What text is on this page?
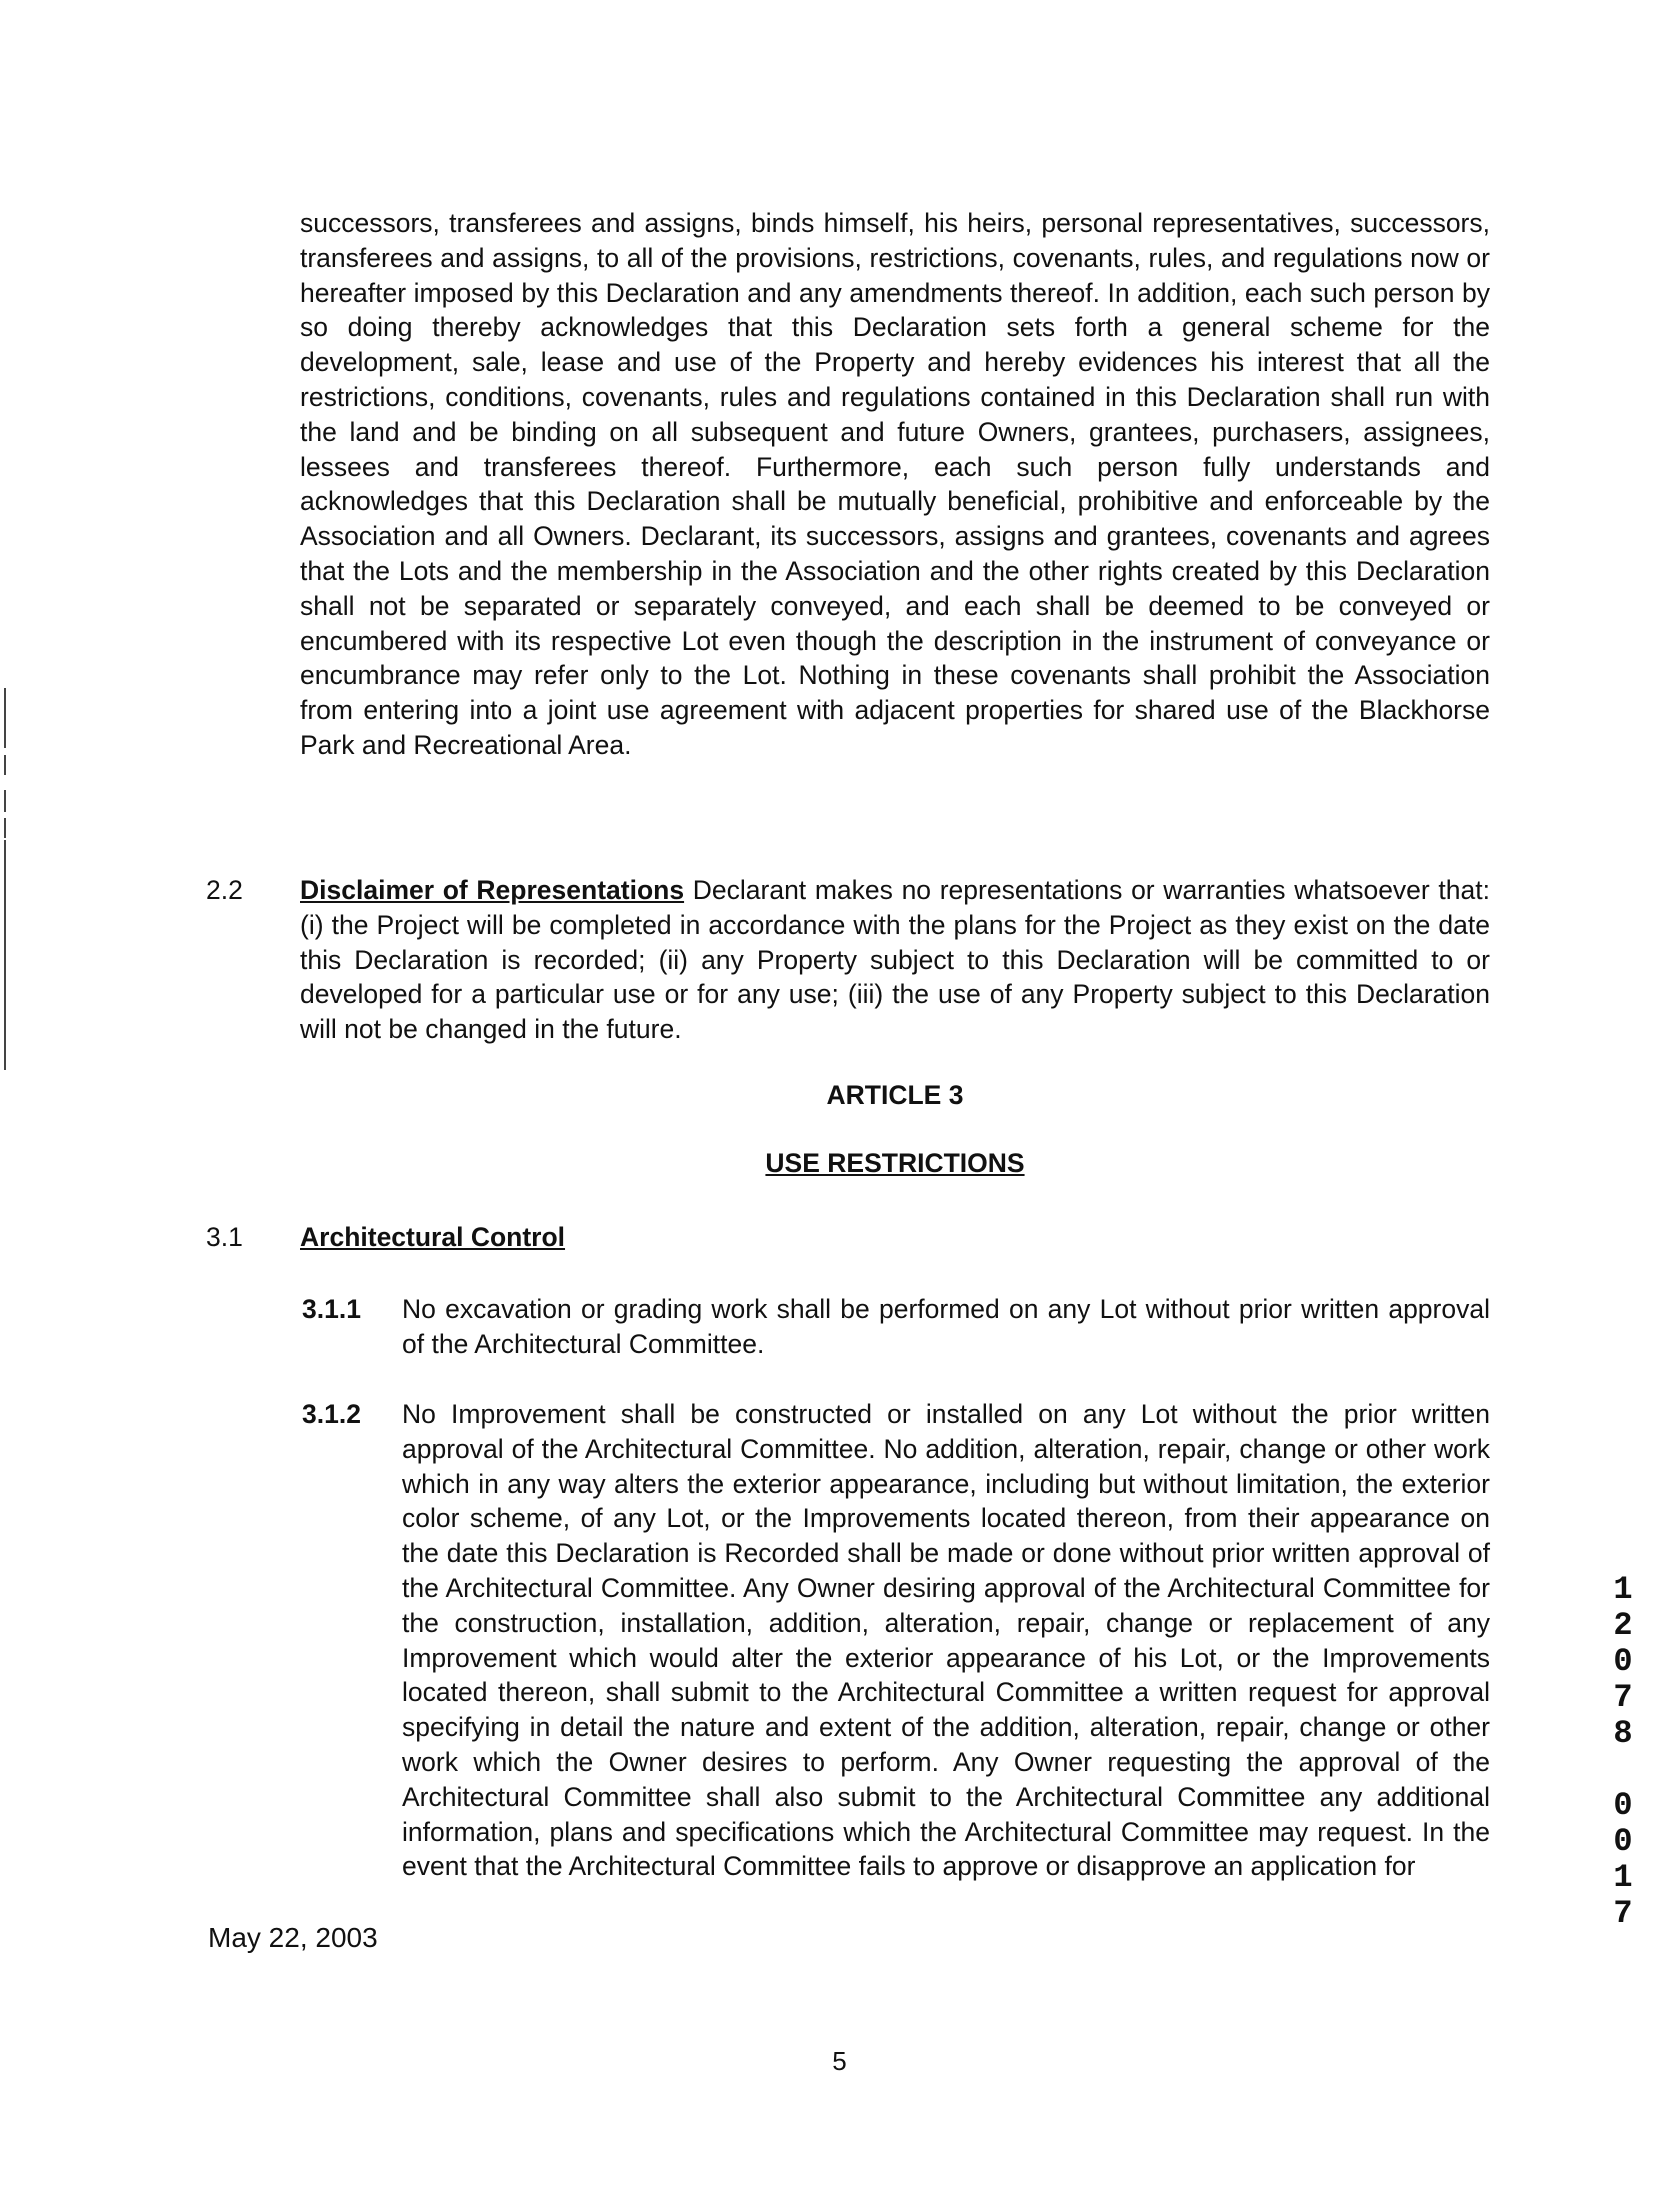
successors, transferees and assigns, binds himself, his heirs, personal representatives, successors, transferees and assigns, to all of the provisions, restrictions, covenants, rules, and regulations now or hereafter imposed by this Declaration and any amendments thereof. In addition, each such person by so doing thereby acknowledges that this Declaration sets forth a general scheme for the development, sale, lease and use of the Property and hereby evidences his interest that all the restrictions, conditions, covenants, rules and regulations contained in this Declaration shall run with the land and be binding on all subsequent and future Owners, grantees, purchasers, assignees, lessees and transferees thereof. Furthermore, each such person fully understands and acknowledges that this Declaration shall be mutually beneficial, prohibitive and enforceable by the Association and all Owners. Declarant, its successors, assigns and grantees, covenants and agrees that the Lots and the membership in the Association and the other rights created by this Declaration shall not be separated or separately conveyed, and each shall be deemed to be conveyed or encumbered with its respective Lot even though the description in the instrument of conveyance or encumbrance may refer only to the Lot. Nothing in these covenants shall prohibit the Association from entering into a joint use agreement with adjacent properties for shared use of the Blackhorse Park and Recreational Area.

2.2 Disclaimer of Representations Declarant makes no representations or warranties whatsoever that: (i) the Project will be completed in accordance with the plans for the Project as they exist on the date this Declaration is recorded; (ii) any Property subject to this Declaration will be committed to or developed for a particular use or for any use; (iii) the use of any Property subject to this Declaration will not be changed in the future.

ARTICLE 3
USE RESTRICTIONS
3.1 Architectural Control
3.1.1 No excavation or grading work shall be performed on any Lot without prior written approval of the Architectural Committee.

3.1.2 No Improvement shall be constructed or installed on any Lot without the prior written approval of the Architectural Committee. No addition, alteration, repair, change or other work which in any way alters the exterior appearance, including but without limitation, the exterior color scheme, of any Lot, or the Improvements located thereon, from their appearance on the date this Declaration is Recorded shall be made or done without prior written approval of the Architectural Committee. Any Owner desiring approval of the Architectural Committee for the construction, installation, addition, alteration, repair, change or replacement of any Improvement which would alter the exterior appearance of his Lot, or the Improvements located thereon, shall submit to the Architectural Committee a written request for approval specifying in detail the nature and extent of the addition, alteration, repair, change or other work which the Owner desires to perform. Any Owner requesting the approval of the Architectural Committee shall also submit to the Architectural Committee any additional information, plans and specifications which the Architectural Committee may request. In the event that the Architectural Committee fails to approve or disapprove an application for

1
2
0
7
8
0
0
1
7
May 22, 2003
5
